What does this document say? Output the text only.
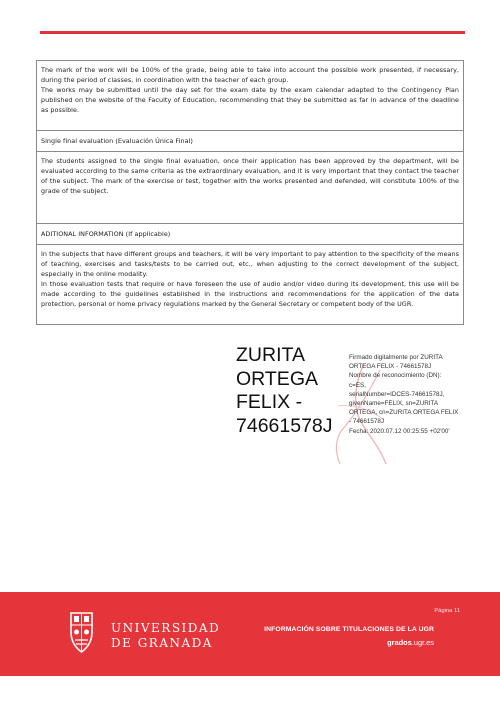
The mark of the work will be 100% of the grade, being able to take into account the possible work presented, if necessary, during the period of classes, in coordination with the teacher of each group.

The works may be submitted until the day set for the exam date by the exam calendar adapted to the Contingency Plan published on the website of the Faculty of Education, recommending that they be submitted as far in advance of the deadline as possible.

Single final evaluation (Evaluación Única Final)

The students assigned to the single final evaluation, once their application has been approved by the department, will be evaluated according to the same criteria as the extraordinary evaluation, and it is very important that they contact the teacher of the subject. The mark of the exercise or test, together with the works presented and defended, will constitute 100% of the grade of the subject.

ADITIONAL INFORMATION (If applicable)

In the subjects that have different groups and teachers, it will be very important to pay attention to the specificity of the means of teaching, exercises and tasks/tests to be carried out, etc., when adjusting to the correct development of the subject, especially in the online modality.

In those evaluation tests that require or have foreseen the use of audio and/or video during its development, this use will be made according to the guidelines established in the instructions and recommendations for the application of the data protection, personal or home privacy regulations marked by the General Secretary or competent body of the UGR.

ZURITA
ORTEGA
FELIX -
74661578J
Firmado digitalmente por ZURITA
ORTEGA FELIX - 74661578J
Nombre de reconocimiento (DN):
c=ES,
serialNumber=IDCES-74661578J,
givenName=FELIX, sn=ZURITA
ORTEGA, cn=ZURITA ORTEGA FELIX
- 74661578J
Fecha: 2020.07.12 00:25:55 +02'00'
UNIVERSIDAD
DE GRANADA
Página 11
INFORMACIÓN SOBRE TITULACIONES DE LA UGR
grados.ugr.es
